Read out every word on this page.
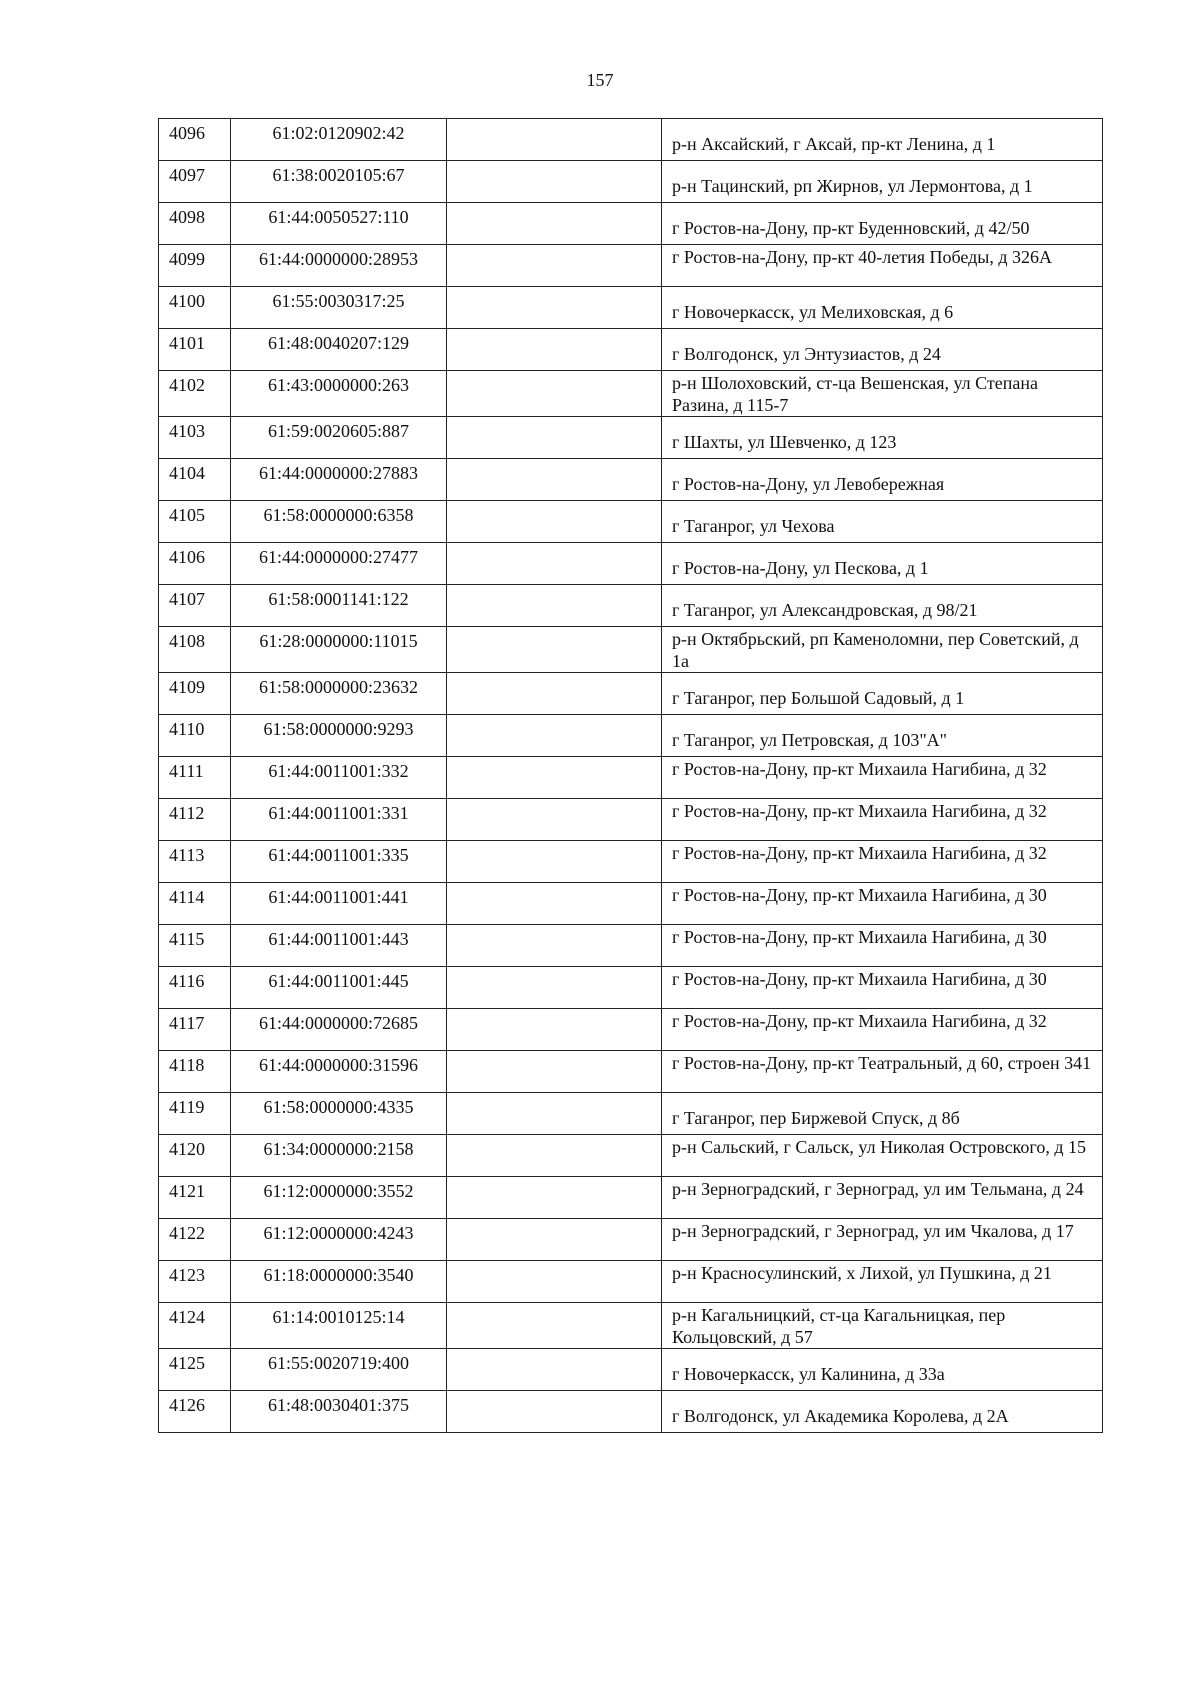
157
4096	61:02:0120902:42		р-н Аксайский, г Аксай, пр-кт Ленина, д 1

4097	61:38:0020105:67		р-н Тацинский, рп Жирнов, ул Лермонтова, д 1

4098	61:44:0050527:110		г Ростов-на-Дону, пр-кт Буденновский, д 42/50

4099	61:44:0000000:28953		г Ростов-на-Дону, пр-кт 40-летия Победы, д 326А

4100	61:55:0030317:25		г Новочеркасск, ул Мелиховская, д 6

4101	61:48:0040207:129		г Волгодонск, ул Энтузиастов, д 24

4102	61:43:0000000:263		р-н Шолоховский, ст-ца Вешенская, ул Степана Разина, д 115-7

4103	61:59:0020605:887		г Шахты, ул Шевченко, д 123

4104	61:44:0000000:27883		г Ростов-на-Дону, ул Левобережная

4105	61:58:0000000:6358		г Таганрог, ул Чехова

4106	61:44:0000000:27477		г Ростов-на-Дону, ул Пескова, д 1

4107	61:58:0001141:122		г Таганрог, ул Александровская, д 98/21

4108	61:28:0000000:11015		р-н Октябрьский, рп Каменоломни, пер Советский, д 1а

4109	61:58:0000000:23632		г Таганрог, пер Большой Садовый, д 1

4110	61:58:0000000:9293		г Таганрог, ул Петровская, д 103"А"

4111	61:44:0011001:332		г Ростов-на-Дону, пр-кт Михаила Нагибина, д 32

4112	61:44:0011001:331		г Ростов-на-Дону, пр-кт Михаила Нагибина, д 32

4113	61:44:0011001:335		г Ростов-на-Дону, пр-кт Михаила Нагибина, д 32

4114	61:44:0011001:441		г Ростов-на-Дону, пр-кт Михаила Нагибина, д 30

4115	61:44:0011001:443		г Ростов-на-Дону, пр-кт Михаила Нагибина, д 30

4116	61:44:0011001:445		г Ростов-на-Дону, пр-кт Михаила Нагибина, д 30

4117	61:44:0000000:72685		г Ростов-на-Дону, пр-кт Михаила Нагибина, д 32

4118	61:44:0000000:31596		г Ростов-на-Дону, пр-кт Театральный, д 60, строен 341

4119	61:58:0000000:4335		г Таганрог, пер Биржевой Спуск, д 8б

4120	61:34:0000000:2158		р-н Сальский, г Сальск, ул Николая Островского, д 15

4121	61:12:0000000:3552		р-н Зерноградский, г Зерноград, ул им Тельмана, д 24

4122	61:12:0000000:4243		р-н Зерноградский, г Зерноград, ул им Чкалова, д 17

4123	61:18:0000000:3540		р-н Красносулинский, х Лихой, ул Пушкина, д 21

4124	61:14:0010125:14		р-н Кагальницкий, ст-ца Кагальницкая, пер Кольцовский, д 57

4125	61:55:0020719:400		г Новочеркасск, ул Калинина, д 33а

4126	61:48:0030401:375		г Волгодонск, ул Академика Королева, д 2А
